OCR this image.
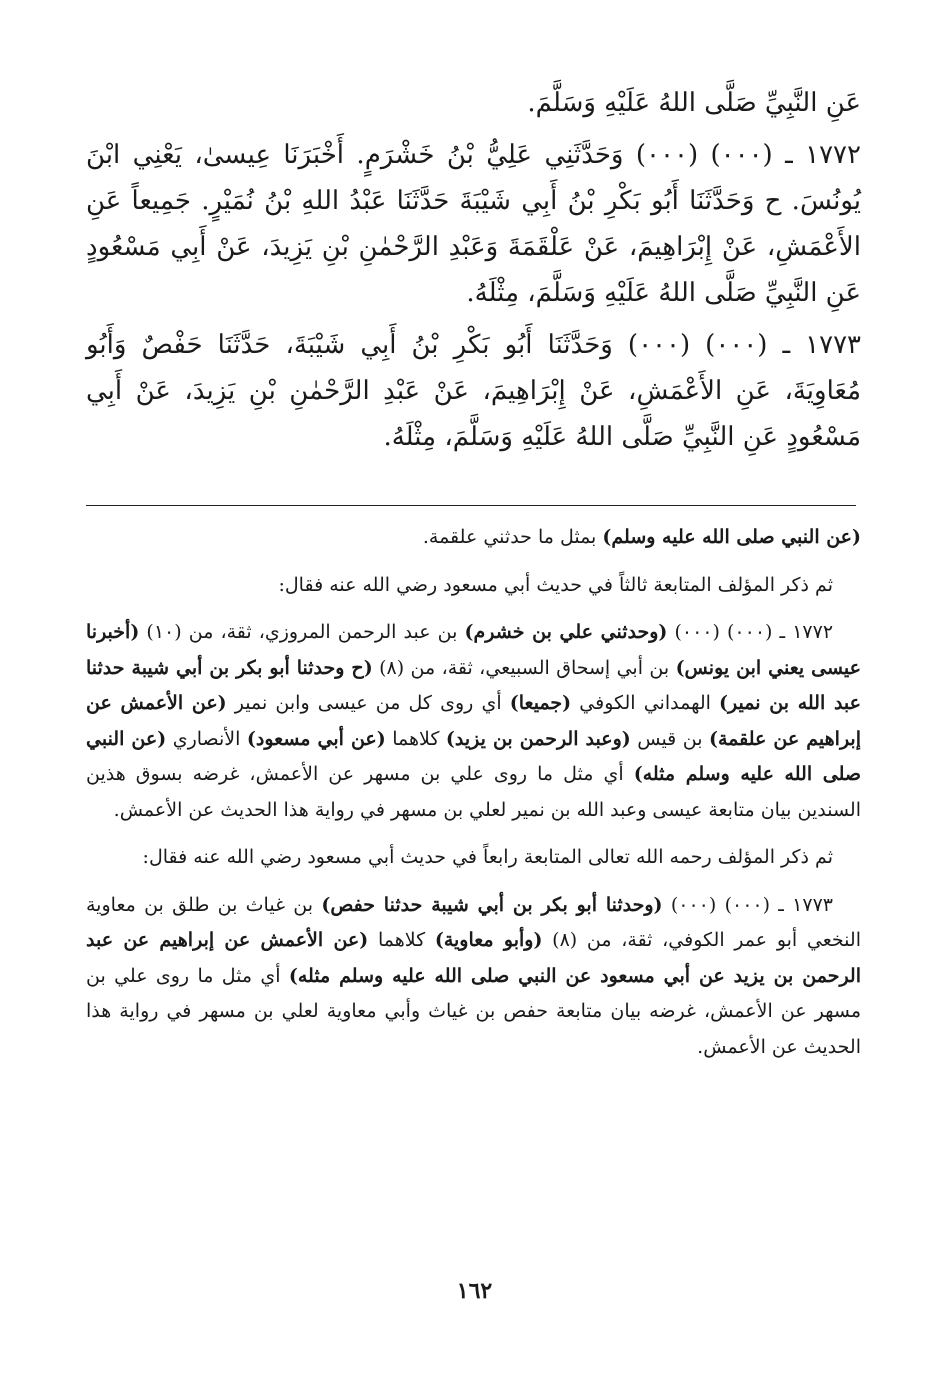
عَنِ النَّبِيِّ صَلَّى اللهُ عَلَيْهِ وَسَلَّمَ.

١٧٧٢ ـ (٠٠٠) (٠٠٠) وَحَدَّثَنِي عَلِيُّ بْنُ خَشْرَمٍ. أَخْبَرَنَا عِيسىٰ، يَعْنِي ابْنَ يُونُسَ. ح وَحَدَّثَنَا أَبُو بَكْرِ بْنُ أَبِي شَيْبَةَ حَدَّثَنَا عَبْدُ اللهِ بْنُ نُمَيْرٍ. جَمِيعاً عَنِ الأَعْمَشِ، عَنْ إِبْرَاهِيمَ، عَنْ عَلْقَمَةَ وَعَبْدِ الرَّحْمٰنِ بْنِ يَزِيدَ، عَنْ أَبِي مَسْعُودٍ عَنِ النَّبِيِّ صَلَّى اللهُ عَلَيْهِ وَسَلَّمَ، مِثْلَهُ.

١٧٧٣ ـ (٠٠٠) (٠٠٠) وَحَدَّثَنَا أَبُو بَكْرِ بْنُ أَبِي شَيْبَةَ، حَدَّثَنَا حَفْصٌ وَأَبُو مُعَاوِيَةَ، عَنِ الأَعْمَشِ، عَنْ إِبْرَاهِيمَ، عَنْ عَبْدِ الرَّحْمٰنِ بْنِ يَزِيدَ، عَنْ أَبِي مَسْعُودٍ عَنِ النَّبِيِّ صَلَّى اللهُ عَلَيْهِ وَسَلَّمَ، مِثْلَهُ.

(عن النبي صلى الله عليه وسلم) بمثل ما حدثني علقمة.

ثم ذكر المؤلف المتابعة ثالثاً في حديث أبي مسعود رضي الله عنه فقال:

١٧٧٢ ـ (٠٠٠) (٠٠٠) (وحدثني علي بن خشرم) بن عبد الرحمن المروزي، ثقة، من (١٠) (أخبرنا عيسى يعني ابن يونس) بن أبي إسحاق السبيعي، ثقة، من (٨) (ح وحدثنا أبو بكر بن أبي شيبة حدثنا عبد الله بن نمير) الهمداني الكوفي (جميعا) أي روى كل من عيسى وابن نمير (عن الأعمش عن إبراهيم عن علقمة) بن قيس (وعبد الرحمن بن يزيد) كلاهما (عن أبي مسعود) الأنصاري (عن النبي صلى الله عليه وسلم مثله) أي مثل ما روى علي بن مسهر عن الأعمش، غرضه بسوق هذين السندين بيان متابعة عيسى وعبد الله بن نمير لعلي بن مسهر في رواية هذا الحديث عن الأعمش.

ثم ذكر المؤلف رحمه الله تعالى المتابعة رابعاً في حديث أبي مسعود رضي الله عنه فقال:

١٧٧٣ ـ (٠٠٠) (٠٠٠) (وحدثنا أبو بكر بن أبي شيبة حدثنا حفص) بن غياث بن طلق بن معاوية النخعي أبو عمر الكوفي، ثقة، من (٨) (وأبو معاوية) كلاهما (عن الأعمش عن إبراهيم عن عبد الرحمن بن يزيد عن أبي مسعود عن النبي صلى الله عليه وسلم مثله) أي مثل ما روى علي بن مسهر عن الأعمش، غرضه بيان متابعة حفص بن غياث وأبي معاوية لعلي بن مسهر في رواية هذا الحديث عن الأعمش.

١٦٢
